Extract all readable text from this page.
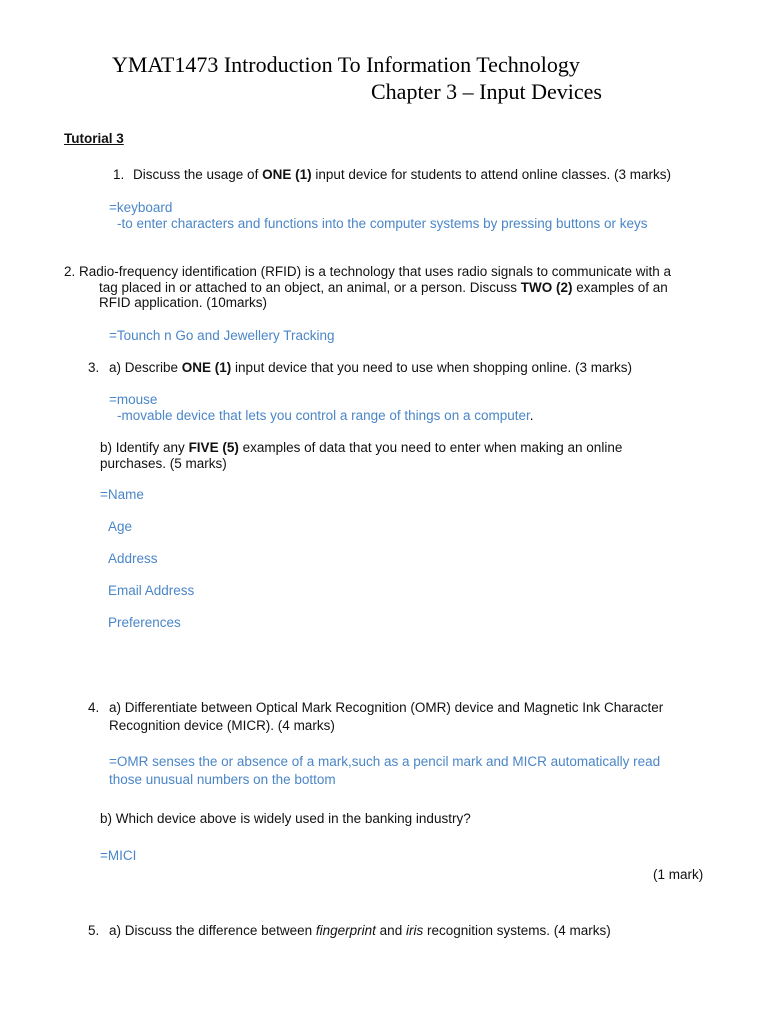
YMAT1473 Introduction To Information Technology
Chapter 3 – Input Devices
Tutorial 3
1. Discuss the usage of ONE (1) input device for students to attend online classes. (3 marks)
=keyboard
-to enter characters and functions into the computer systems by pressing buttons or keys
2. Radio-frequency identification (RFID) is a technology that uses radio signals to communicate with a
tag placed in or attached to an object, an animal, or a person. Discuss TWO (2) examples of an
RFID application. (10marks)
=Tounch n Go and Jewellery Tracking
3. a) Describe ONE (1) input device that you need to use when shopping online. (3 marks)
=mouse
-movable device that lets you control a range of things on a computer.
b) Identify any FIVE (5) examples of data that you need to enter when making an online
purchases. (5 marks)
=Name
Age
Address
Email Address
Preferences
4. a) Differentiate between Optical Mark Recognition (OMR) device and Magnetic Ink Character
Recognition device (MICR). (4 marks)
=OMR senses the or absence of a mark,such as a pencil mark and MICR automatically read
those unusual numbers on the bottom
b) Which device above is widely used in the banking industry?
=MICI
(1 mark)
5. a) Discuss the difference between fingerprint and iris recognition systems. (4 marks)
